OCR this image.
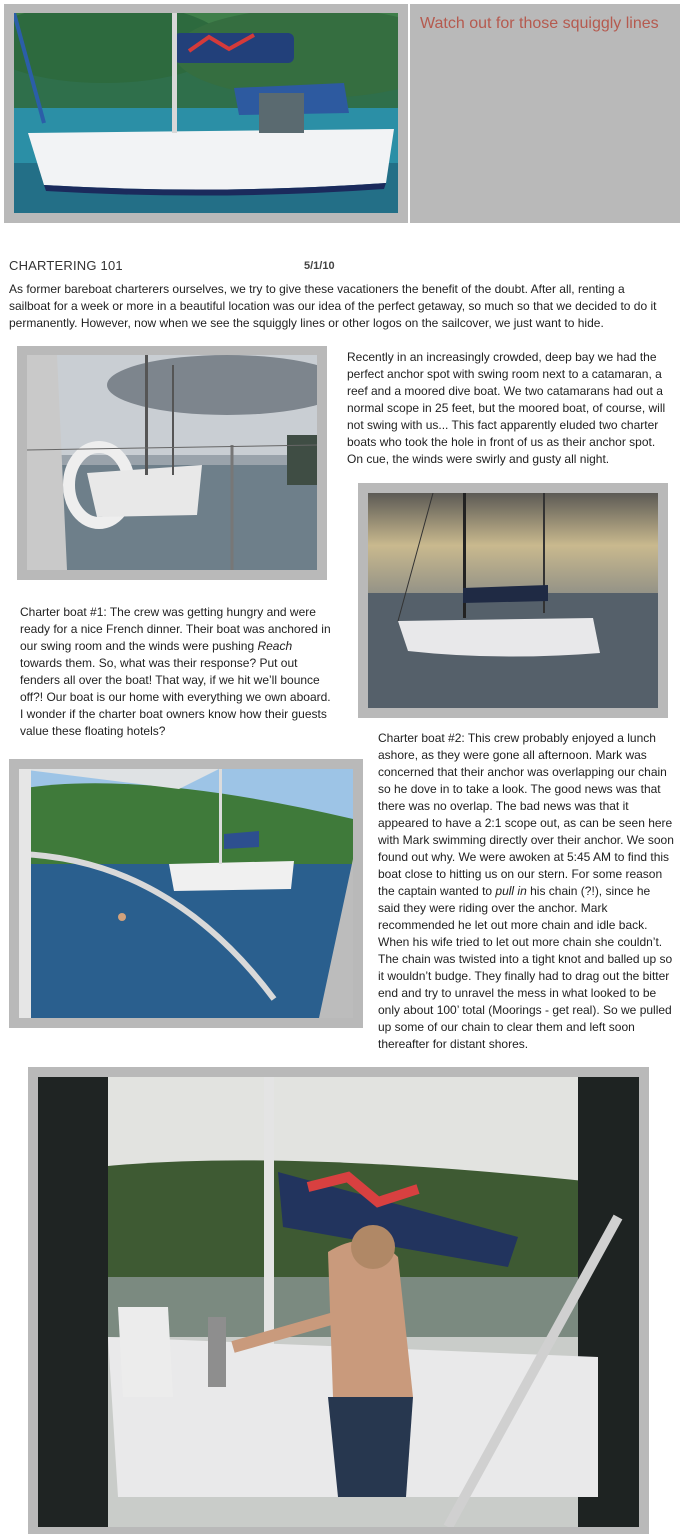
Watch out for those squiggly lines
CHARTERING 101	5/1/10

As former bareboat charterers ourselves, we try to give these vacationers the benefit of the doubt. After all, renting a sailboat for a week or more in a beautiful location was our idea of the perfect getaway, so much so that we decided to do it permanently. However, now when we see the squiggly lines or other logos on the sailcover, we just want to hide.

Recently in an increasingly crowded, deep bay we had the perfect anchor spot with swing room next to a catamaran, a reef and a moored dive boat. We two catamarans had out a normal scope in 25 feet, but the moored boat, of course, will not swing with us... This fact apparently eluded two charter boats who took the hole in front of us as their anchor spot. On cue, the winds were swirly and gusty all night.

Charter boat #1: The crew was getting hungry and were ready for a nice French dinner. Their boat was anchored in our swing room and the winds were pushing Reach towards them. So, what was their response? Put out fenders all over the boat! That way, if we hit we’ll bounce off?! Our boat is our home with everything we own aboard. I wonder if the charter boat owners know how their guests value these floating hotels?	Charter boat #2: This crew probably enjoyed a lunch ashore, as they were gone all afternoon. Mark was concerned that their anchor was overlapping our chain so he dove in to take a look. The good news was that there was no overlap. The bad news was that it appeared to have a 2:1 scope out, as can be seen here with Mark swimming directly over their anchor. We soon found out why. We were awoken at 5:45 AM to find this boat close to hitting us on our stern. For some reason the captain wanted to pull in his chain (?!), since he said they were riding over the anchor. Mark recommended he let out more chain and idle back. When his wife tried to let out more chain she couldn’t. The chain was twisted into a tight knot and balled up so it wouldn’t budge. They finally had to drag out the bitter end and try to unravel the mess in what looked to be only about 100’ total (Moorings - get real). So we pulled up some of our chain to clear them and left soon thereafter for distant shores.
